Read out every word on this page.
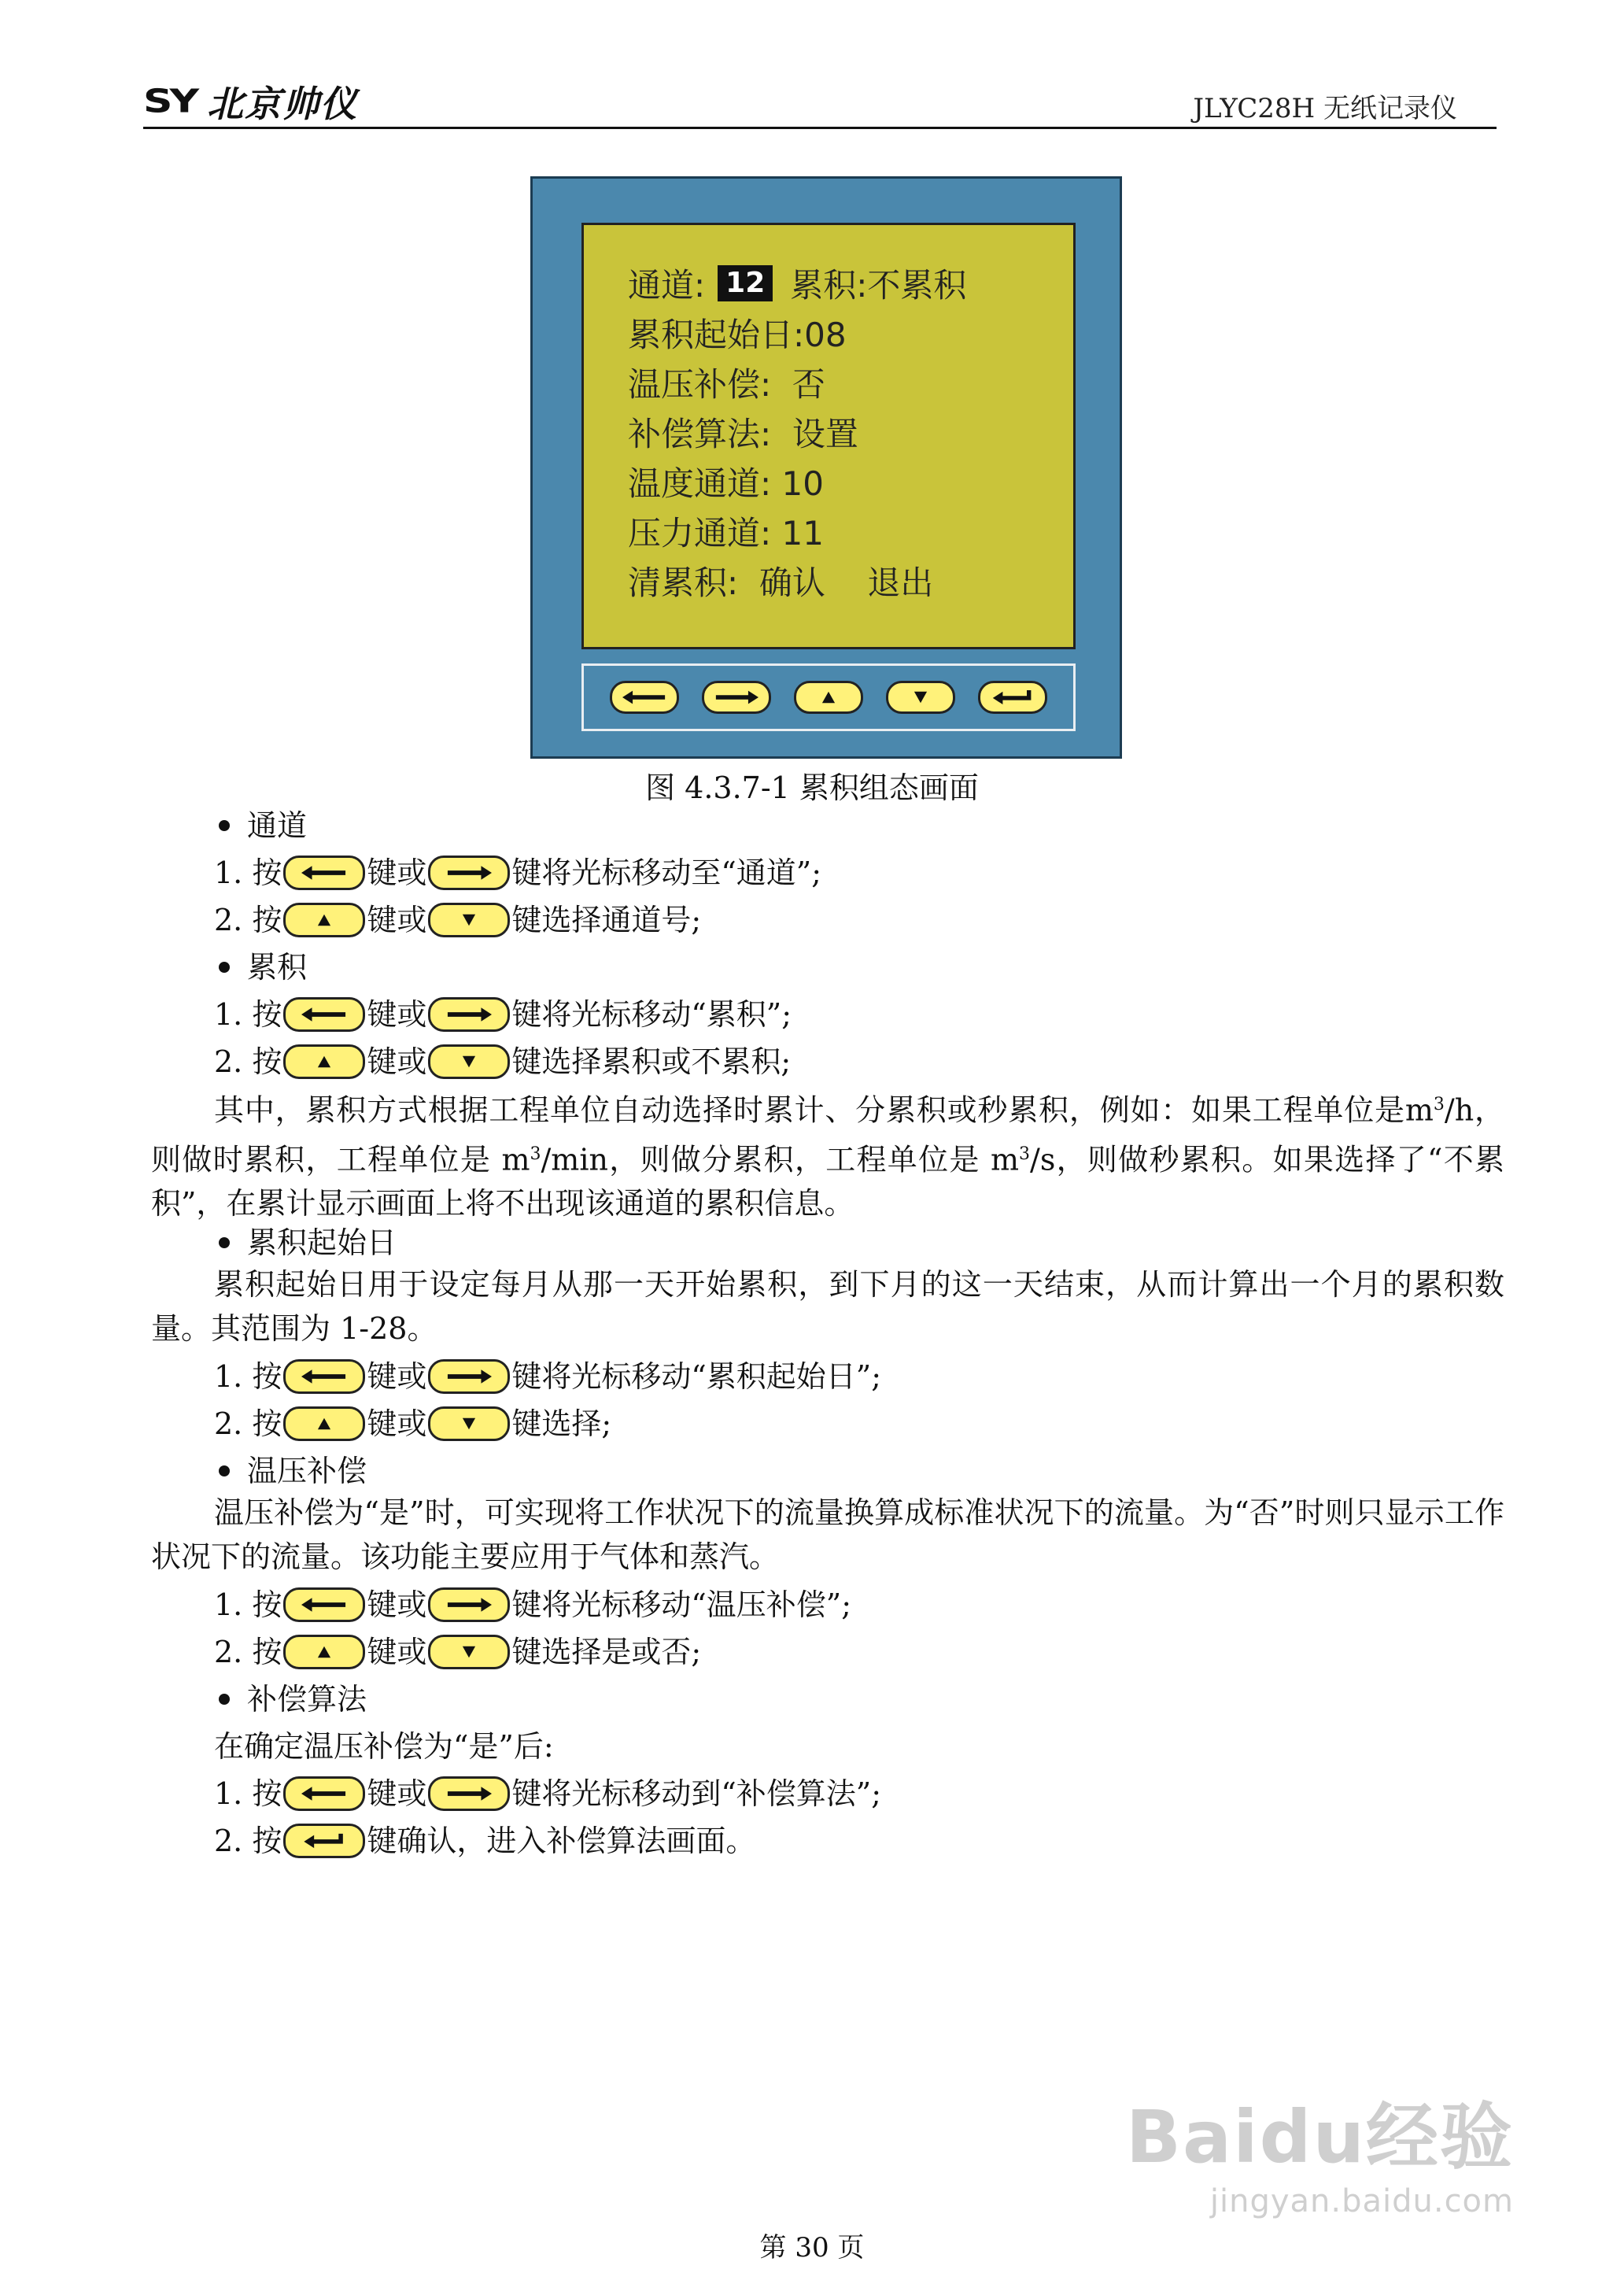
SY 北京帅仪	JLYC28H 无纸记录仪
通道: 12 累积:不累积
累积起始日:08
温压补偿:  否
补偿算法:  设置
温度通道: 10
压力通道: 11
清累积:  确认    退出
图 4.3.7-1 累积组态画面
通道
1. 按	键或	键将光标移动至“通道”;
2. 按	键或	键选择通道号;
累积
1. 按	键或	键将光标移动“累积”;
2. 按	键或	键选择累积或不累积;
其中，累积方式根据工程单位自动选择时累计、分累积或秒累积，例如：如果工程单位是$m^3/h$，则做时累积，工程单位是 $m^3/\min$，则做分累积，工程单位是 $m^3/s$，则做秒累积。如果选择了“不累积”，在累计显示画面上将不出现该通道的累积信息。
累积起始日
累积起始日用于设定每月从那一天开始累积，到下月的这一天结束，从而计算出一个月的累积数量。其范围为 1-28。
1. 按	键或	键将光标移动“累积起始日”;
2. 按	键或	键选择;
温压补偿
温压补偿为“是”时，可实现将工作状况下的流量换算成标准状况下的流量。为“否”时则只显示工作状况下的流量。该功能主要应用于气体和蒸汽。
1. 按	键或	键将光标移动“温压补偿”;
2. 按	键或	键选择是或否;
补偿算法
在确定温压补偿为“是”后:
1. 按	键或	键将光标移动到“补偿算法”;
2. 按	键确认，进入补偿算法画面。
Baidu经验
jingyan.baidu.com
第 30 页
